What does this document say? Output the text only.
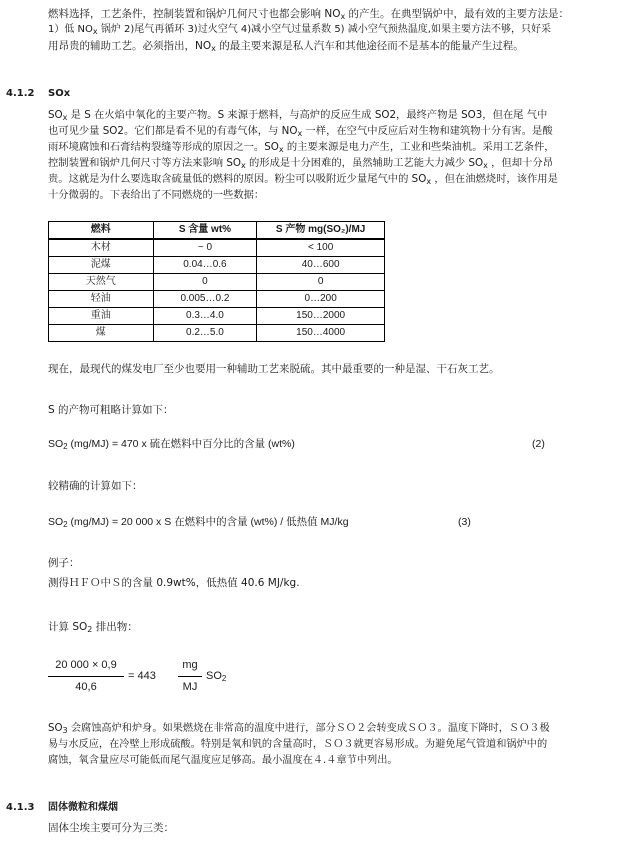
燃料选择，工艺条件，控制装置和锅炉几何尺寸也都会影响 $NO_x$ 的产生。在典型锅炉中，最有效的主要方法是：
1）低 $NO_x$ 锅炉 2)尾气再循环 3)过火空气 4)减小空气过量系数 5) 减小空气预热温度,如果主要方法不够，只好采
用昂贵的辅助工艺。必须指出，$NO_x$ 的最主要来源是私人汽车和其他途径而不是基本的能量产生过程。
4.1.2 SOx
$SO_x$ 是 S 在火焰中氧化的主要产物。S 来源于燃料，与高炉的反应生成 SO2，最终产物是 SO3，但在尾 气中
也可见少量 SO2。它们都是看不见的有毒气体，与 $NO_x$ 一样，在空气中反应后对生物和建筑物十分有害。是酸
雨环境腐蚀和石膏结构裂缝等形成的原因之一。$SO_x$ 的主要来源是电力产生，工业和些柴油机。采用工艺条件，
控制装置和锅炉几何尺寸等方法来影响 $SO_x$ 的形成是十分困难的，虽然辅助工艺能大力减少 $SO_x$ ，但却十分昂
贵。这就是为什么要选取含硫量低的燃料的原因。粉尘可以吸附近少量尾气中的 $SO_x$ ，但在油燃烧时，该作用是
十分微弱的。下表给出了不同燃烧的一些数据：
燃料	S 含量 wt%	S 产物 mg(SO₂)/MJ
木材	~ 0	< 100
泥煤	0.04…0.6	40…600
天然气	0	0
轻油	0.005…0.2	0…200
重油	0.3…4.0	150…2000
煤	0.2…5.0	150…4000

现在，最现代的煤发电厂至少也要用一种辅助工艺来脱硫。其中最重要的一种是湿、干石灰工艺。

S 的产物可粗略计算如下：

$SO_2$ (mg/MJ) = 470 x 硫在燃料中百分比的含量 (wt%)	(2)

较精确的计算如下：

$SO_2$ (mg/MJ) = 20 000 x S 在燃料中的含量 (wt%) / 低热值 MJ/kg	(3)

例子：

测得ＨＦＯ中Ｓ的含量 0.9wt%，低热值 40.6 MJ/kg.

计算 $SO_2$ 排出物：
20 000 × 0,9
40,6
= 443
mg
MJ
$SO_2$
$SO_3$ 会腐蚀高炉和炉身。如果燃烧在非常高的温度中进行，部分ＳＯ２会转变成ＳＯ３。温度下降时，ＳＯ３极
易与水反应，在冷壁上形成硫酸。特别是氧和钒的含量高时，ＳＯ３就更容易形成。为避免尾气管道和锅炉中的
腐蚀，氧含量应尽可能低而尾气温度应足够高。最小温度在４.４章节中列出。
4.1.3 固体微粒和煤烟

固体尘埃主要可分为三类：
